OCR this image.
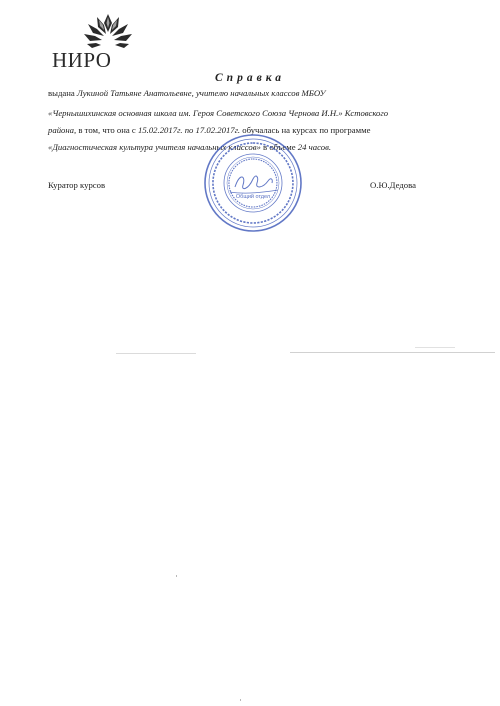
НИРО
Справка
выдана Лукиной Татьяне Анатольевне, учителю начальных классов МБОУ
«Чернышихинская основная школа им. Героя Советского Союза Чернова И.Н.» Кстовского
района, в том, что она с 15.02.2017г. по 17.02.2017г. обучалась на курсах по программе
«Диагностическая культура учителя начальных классов» в объеме 24 часов.
Общий отдел
Куратор курсов	О.Ю.Дедова
